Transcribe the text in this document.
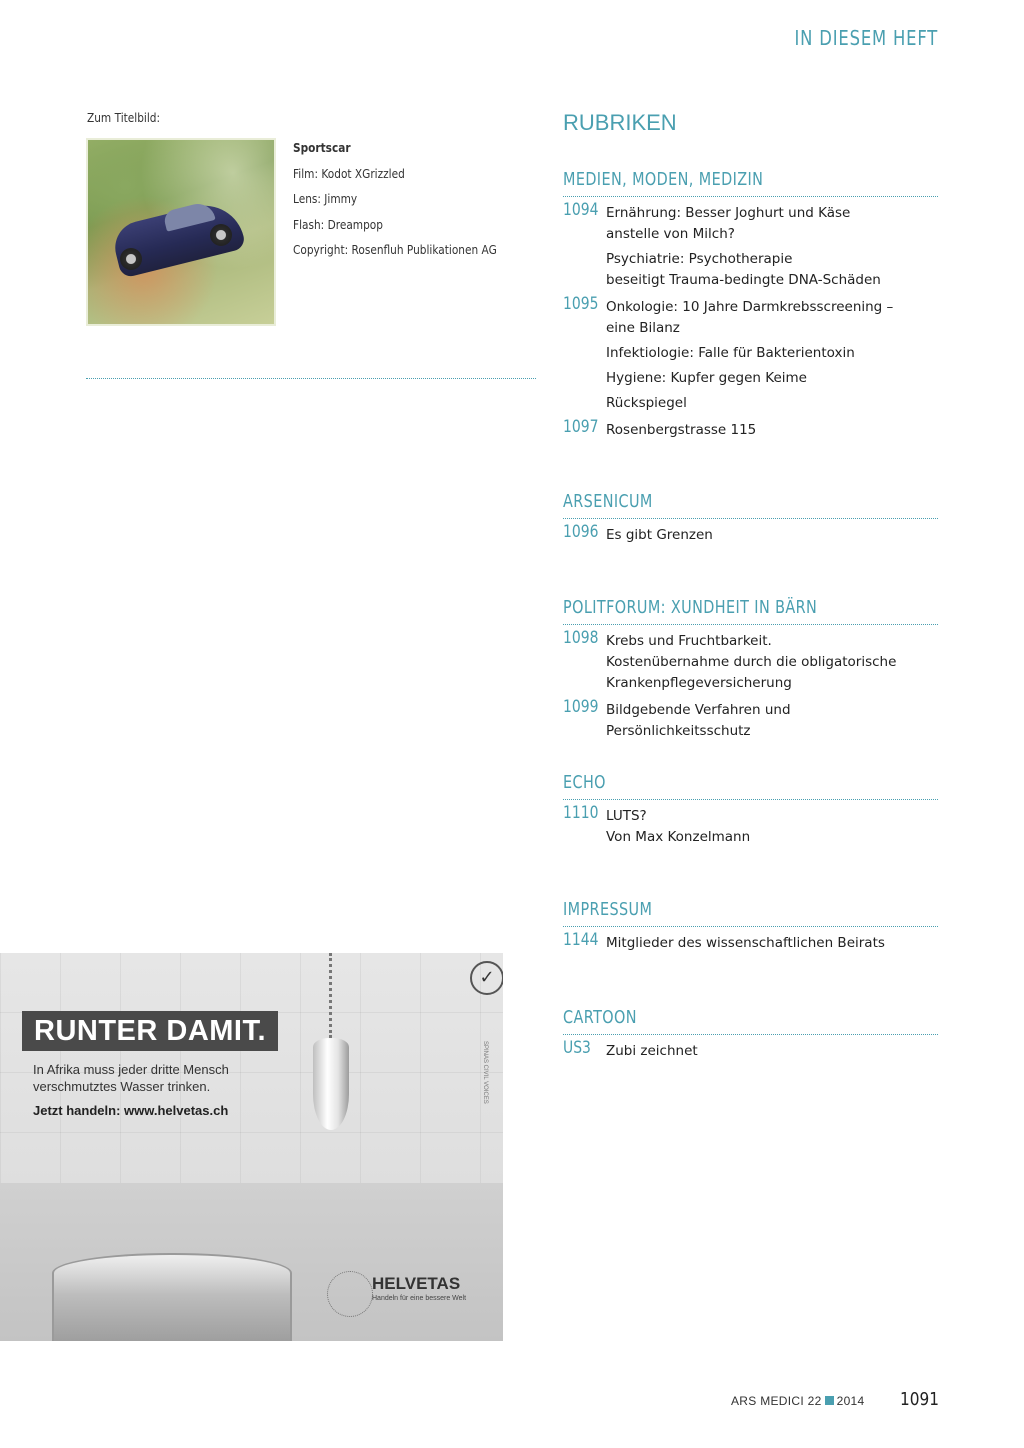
IN DIESEM HEFT
Zum Titelbild:
Sportscar
Film: Kodot XGrizzled
Lens: Jimmy
Flash: Dreampop
Copyright: Rosenfluh Publikationen AG
RUBRIKEN
MEDIEN, MODEN, MEDIZIN
1094 Ernährung: Besser Joghurt und Käse
anstelle von Milch?
Psychiatrie: Psychotherapie
beseitigt Trauma-bedingte DNA-Schäden
1095 Onkologie: 10 Jahre Darmkrebsscreening –
eine Bilanz
Infektiologie: Falle für Bakterientoxin
Hygiene: Kupfer gegen Keime
Rückspiegel
1097 Rosenbergstrasse 115
ARSENICUM
1096 Es gibt Grenzen
POLITFORUM: XUNDHEIT IN BÄRN
1098 Krebs und Fruchtbarkeit.
Kostenübernahme durch die obligatorische
Krankenpflegeversicherung
1099 Bildgebende Verfahren und Persönlichkeitsschutz
ECHO
1110 LUTS?
Von Max Konzelmann
IMPRESSUM
1144 Mitglieder des wissenschaftlichen Beirats
CARTOON
US3 Zubi zeichnet
✓
SPINAS CIVIL VOICES
RUNTER DAMIT.
In Afrika muss jeder dritte Mensch
verschmutztes Wasser trinken.
Jetzt handeln: www.helvetas.ch
HELVETAS
Handeln für eine bessere Welt
ARS MEDICI 22 2014 1091
